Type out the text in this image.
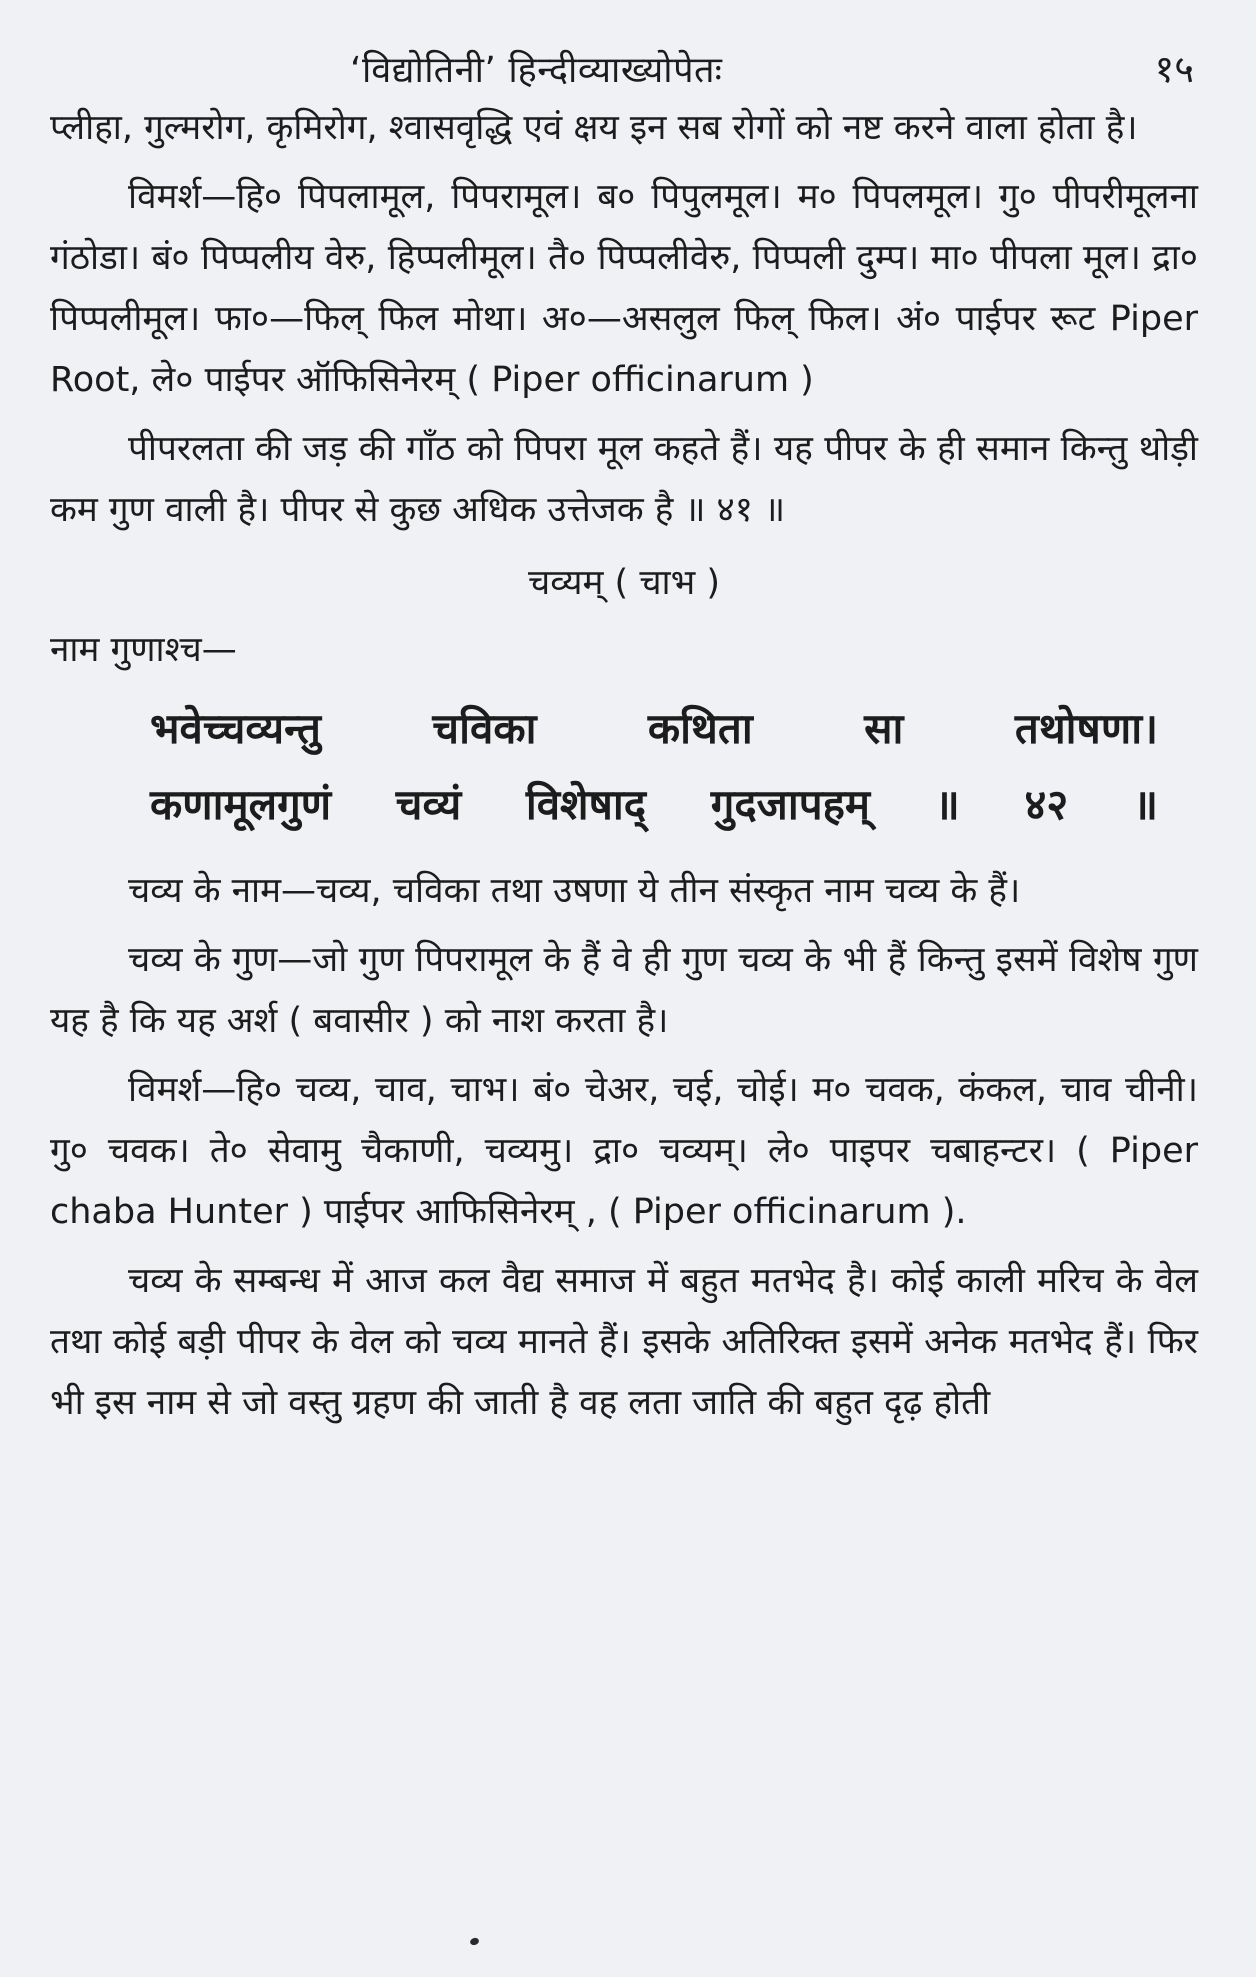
‘विद्योतिनी’ हिन्दीव्याख्योपेतः	१५

प्लीहा, गुल्मरोग, कृमिरोग, श्वासवृद्धि एवं क्षय इन सब रोगों को नष्ट करने वाला होता है।

विमर्श—हि० पिपलामूल, पिपरामूल। ब० पिपुलमूल। म० पिपलमूल। गु० पीपरीमूलना गंठोडा। बं० पिप्पलीय वेरु, हिप्पलीमूल। तै० पिप्पलीवेरु, पिप्पली दुम्प। मा० पीपला मूल। द्रा० पिप्पलीमूल। फा०—फिल् फिल मोथा। अ०—असलुल फिल् फिल। अं० पाईपर रूट Piper Root, ले० पाईपर ऑफिसिनेरम् ( Piper officinarum )

पीपरलता की जड़ की गाँठ को पिपरा मूल कहते हैं। यह पीपर के ही समान किन्तु थोड़ी कम गुण वाली है। पीपर से कुछ अधिक उत्तेजक है ॥ ४१ ॥

चव्यम् ( चाभ )

नाम गुणाश्च—

भवेच्चव्यन्तु चविका कथिता सा तथोषणा।

कणामूलगुणं चव्यं विशेषाद् गुदजापहम् ॥ ४२ ॥

चव्य के नाम—चव्य, चविका तथा उषणा ये तीन संस्कृत नाम चव्य के हैं।

चव्य के गुण—जो गुण पिपरामूल के हैं वे ही गुण चव्य के भी हैं किन्तु इसमें विशेष गुण यह है कि यह अर्श ( बवासीर ) को नाश करता है।

विमर्श—हि० चव्य, चाव, चाभ। बं० चेअर, चई, चोई। म० चवक, कंकल, चाव चीनी। गु० चवक। ते० सेवामु चैकाणी, चव्यमु। द्रा० चव्यम्। ले० पाइपर चबाहन्टर। ( Piper chaba Hunter ) पाईपर आफिसिनेरम् , ( Piper officinarum ).

चव्य के सम्बन्ध में आज कल वैद्य समाज में बहुत मतभेद है। कोई काली मरिच के वेल तथा कोई बड़ी पीपर के वेल को चव्य मानते हैं। इसके अतिरिक्त इसमें अनेक मतभेद हैं। फिर भी इस नाम से जो वस्तु ग्रहण की जाती है वह लता जाति की बहुत दृढ़ होती
